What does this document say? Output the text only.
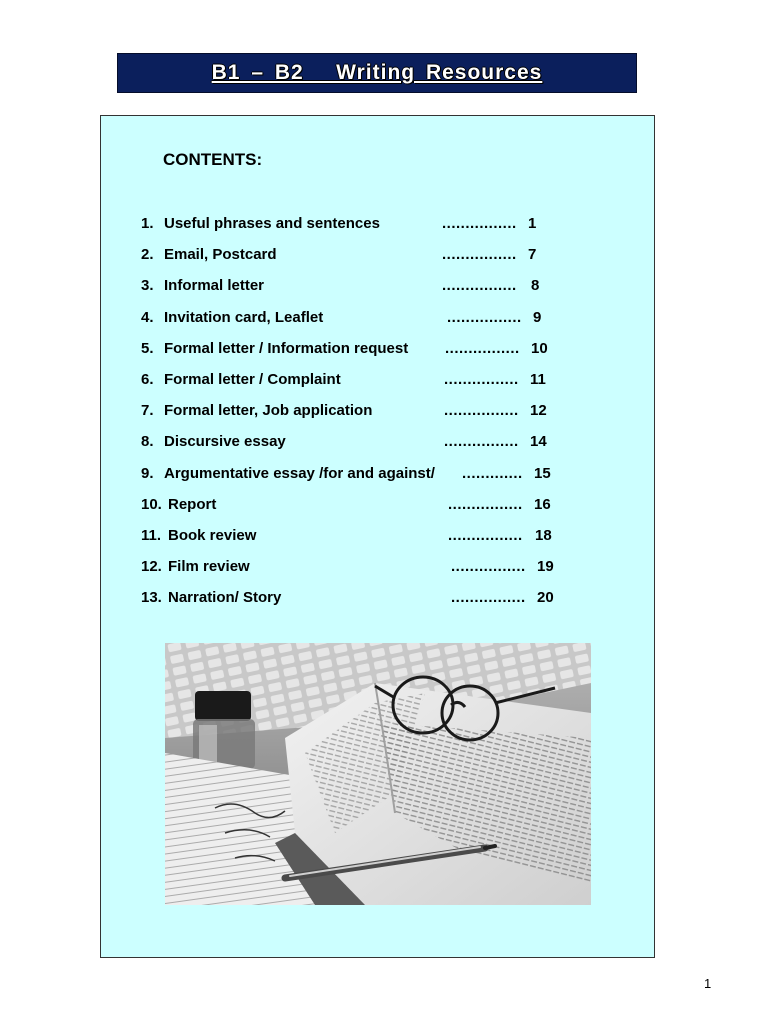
B1 – B2   Writing Resources
CONTENTS:
1. Useful phrases and sentences	................ 1
2. Email, Postcard	................ 7
3. Informal letter	................ 8
4. Invitation card, Leaflet	................ 9
5. Formal letter / Information request ................ 10
6. Formal letter / Complaint	................ 11
7. Formal letter, Job application	................ 12
8. Discursive essay	................ 14
9. Argumentative essay /for and against/ ............. 15
10. Report	................ 16
11. Book review	................ 18
12. Film review	................ 19
13. Narration/ Story	................ 20
1
